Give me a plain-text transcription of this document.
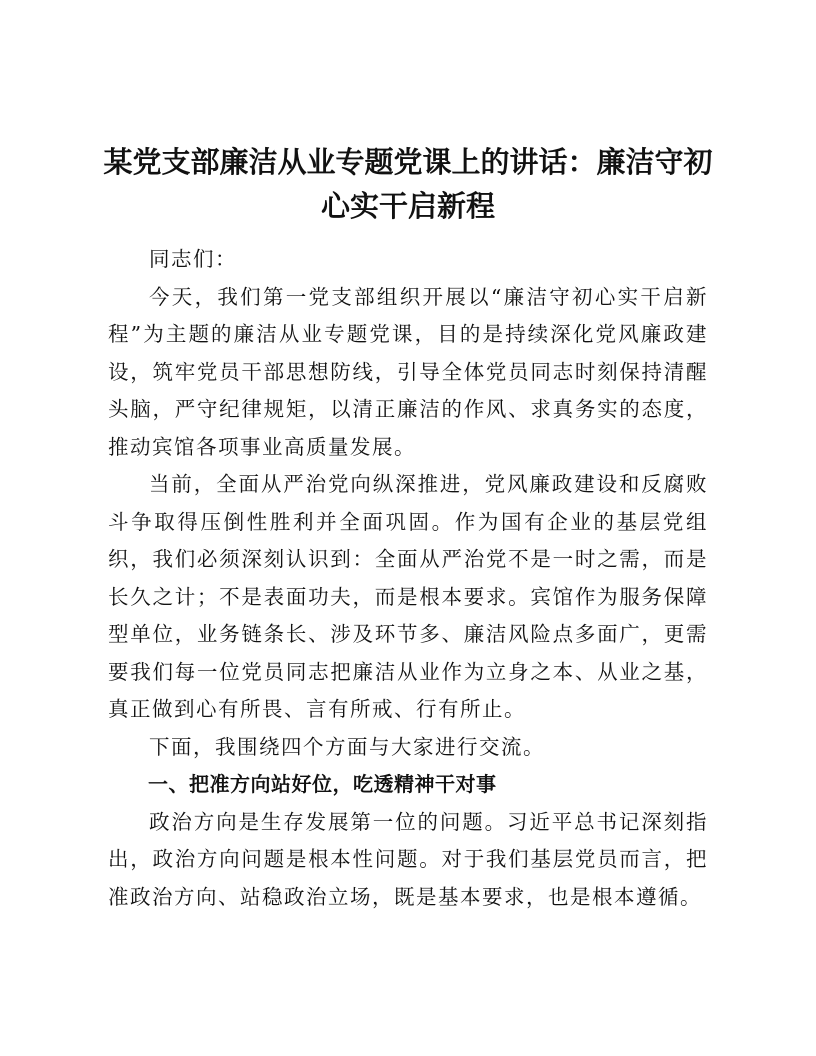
某党支部廉洁从业专题党课上的讲话：廉洁守初心实干启新程

同志们：

今天，我们第一党支部组织开展以“廉洁守初心实干启新程”为主题的廉洁从业专题党课，目的是持续深化党风廉政建设，筑牢党员干部思想防线，引导全体党员同志时刻保持清醒头脑，严守纪律规矩，以清正廉洁的作风、求真务实的态度，推动宾馆各项事业高质量发展。

当前，全面从严治党向纵深推进，党风廉政建设和反腐败斗争取得压倒性胜利并全面巩固。作为国有企业的基层党组织，我们必须深刻认识到：全面从严治党不是一时之需，而是长久之计；不是表面功夫，而是根本要求。宾馆作为服务保障型单位，业务链条长、涉及环节多、廉洁风险点多面广，更需要我们每一位党员同志把廉洁从业作为立身之本、从业之基，真正做到心有所畏、言有所戒、行有所止。

下面，我围绕四个方面与大家进行交流。

一、把准方向站好位，吃透精神干对事

政治方向是生存发展第一位的问题。习近平总书记深刻指出，政治方向问题是根本性问题。对于我们基层党员而言，把准政治方向、站稳政治立场，既是基本要求，也是根本遵循。
